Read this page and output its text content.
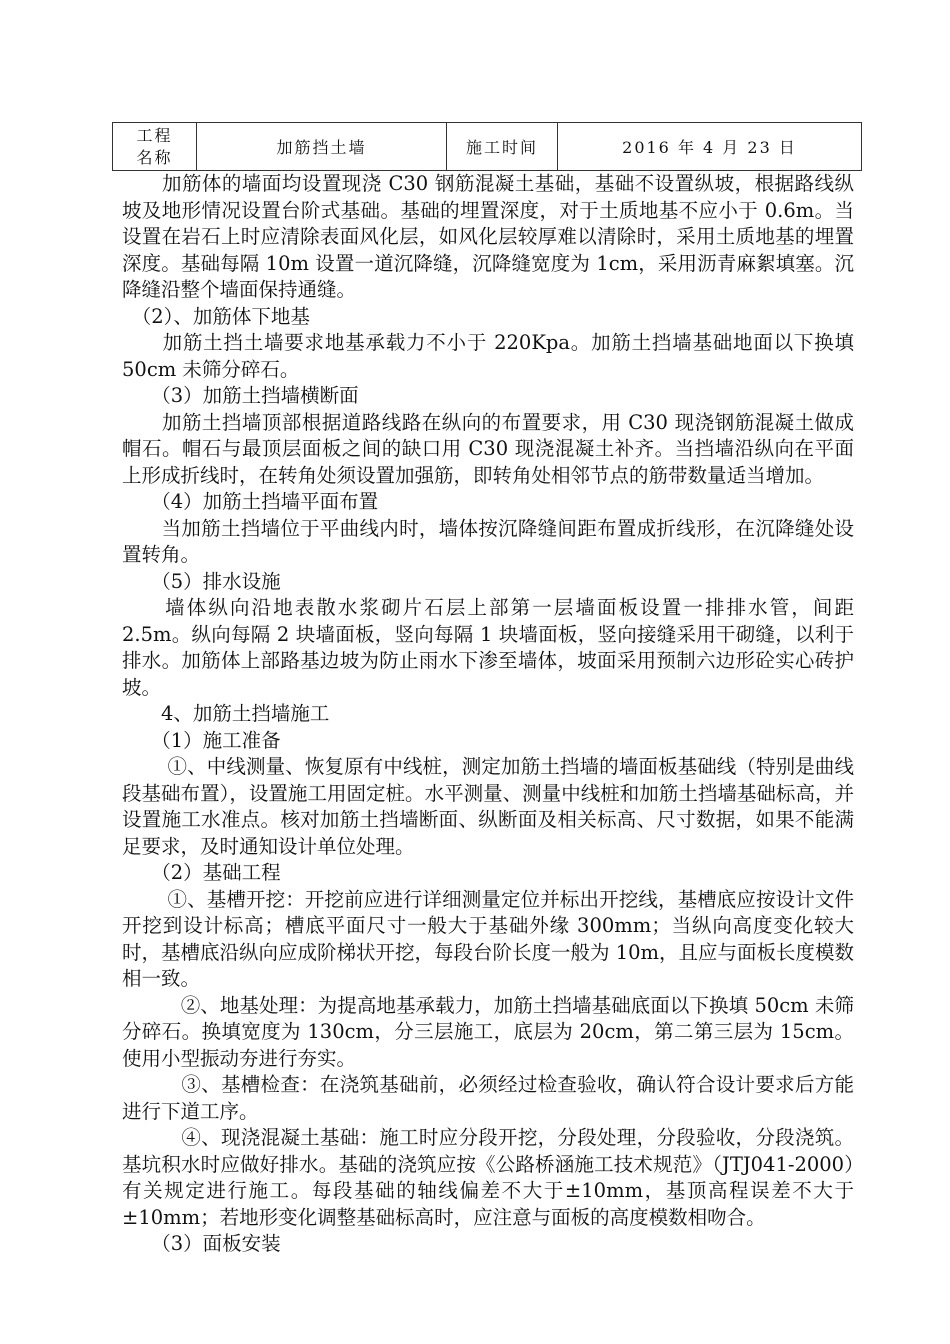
工程
名称	加筋挡土墙	施工时间	2016 年 4 月 23 日

　　加筋体的墙面均设置现浇 C30 钢筋混凝土基础，基础不设置纵坡，根据路线纵坡及地形情况设置台阶式基础。基础的埋置深度，对于土质地基不应小于 0.6m。当设置在岩石上时应清除表面风化层，如风化层较厚难以清除时，采用土质地基的埋置深度。基础每隔 10m 设置一道沉降缝，沉降缝宽度为 1cm，采用沥青麻絮填塞。沉降缝沿整个墙面保持通缝。

　（2）、加筋体下地基

　　加筋土挡土墙要求地基承载力不小于 220Kpa。加筋土挡墙基础地面以下换填 50cm 未筛分碎石。

　　（3）加筋土挡墙横断面

　　加筋土挡墙顶部根据道路线路在纵向的布置要求，用 C30 现浇钢筋混凝土做成帽石。帽石与最顶层面板之间的缺口用 C30 现浇混凝土补齐。当挡墙沿纵向在平面上形成折线时，在转角处须设置加强筋，即转角处相邻节点的筋带数量适当增加。

　　（4）加筋土挡墙平面布置

　　当加筋土挡墙位于平曲线内时，墙体按沉降缝间距布置成折线形，在沉降缝处设置转角。

　　（5）排水设施

　　墙体纵向沿地表散水浆砌片石层上部第一层墙面板设置一排排水管，间距 2.5m。纵向每隔 2 块墙面板，竖向每隔 1 块墙面板，竖向接缝采用干砌缝，以利于排水。加筋体上部路基边坡为防止雨水下渗至墙体，坡面采用预制六边形砼实心砖护坡。

　　4、加筋土挡墙施工

　　（1）施工准备

　　 ①、中线测量、恢复原有中线桩，测定加筋土挡墙的墙面板基础线（特别是曲线段基础布置），设置施工用固定桩。水平测量、测量中线桩和加筋土挡墙基础标高，并设置施工水准点。核对加筋土挡墙断面、纵断面及相关标高、尺寸数据，如果不能满足要求，及时通知设计单位处理。

　　（2）基础工程

　　 ①、基槽开挖：开挖前应进行详细测量定位并标出开挖线，基槽底应按设计文件开挖到设计标高；槽底平面尺寸一般大于基础外缘 300mm；当纵向高度变化较大时，基槽底沿纵向应成阶梯状开挖，每段台阶长度一般为 10m，且应与面板长度模数相一致。

　　　②、地基处理：为提高地基承载力，加筋土挡墙基础底面以下换填 50cm 未筛分碎石。换填宽度为 130cm，分三层施工，底层为 20cm，第二第三层为 15cm。使用小型振动夯进行夯实。

　　　③、基槽检查：在浇筑基础前，必须经过检查验收，确认符合设计要求后方能进行下道工序。

　　　④、现浇混凝土基础：施工时应分段开挖，分段处理，分段验收，分段浇筑。基坑积水时应做好排水。基础的浇筑应按《公路桥涵施工技术规范》（JTJ041-2000）有关规定进行施工。每段基础的轴线偏差不大于±10mm，基顶高程误差不大于±10mm；若地形变化调整基础标高时，应注意与面板的高度模数相吻合。

　　（3）面板安装
